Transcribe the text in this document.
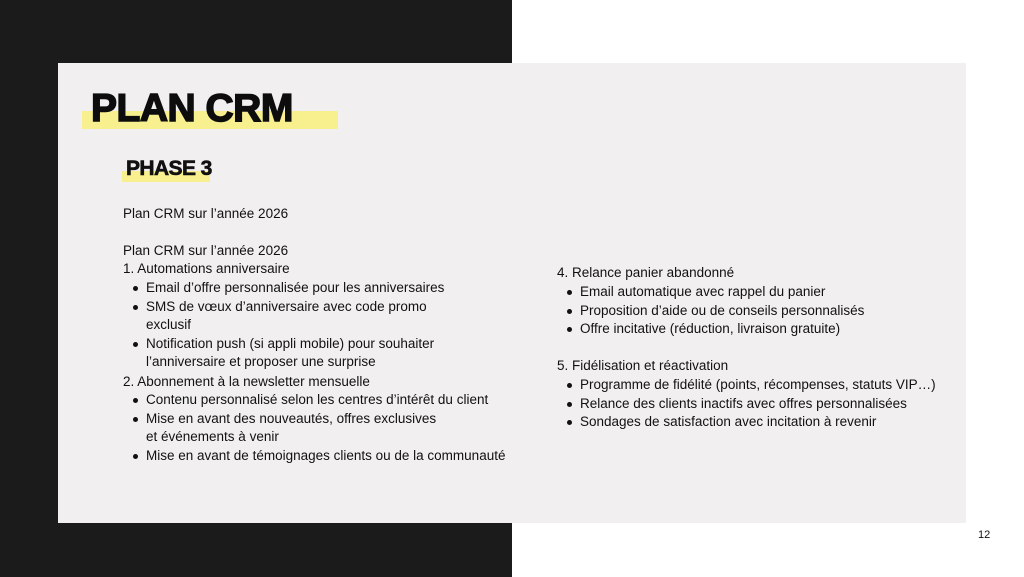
PLAN CRM
PHASE 3
Plan CRM sur l’année 2026
Plan CRM sur l’année 2026
1. Automations anniversaire
Email d’offre personnalisée pour les anniversaires
SMS de vœux d’anniversaire avec code promo exclusif
Notification push (si appli mobile) pour souhaiter l’anniversaire et proposer une surprise
2. Abonnement à la newsletter mensuelle
Contenu personnalisé selon les centres d’intérêt du client
Mise en avant des nouveautés, offres exclusives et événements à venir
Mise en avant de témoignages clients ou de la communauté
4. Relance panier abandonné
Email automatique avec rappel du panier
Proposition d’aide ou de conseils personnalisés
Offre incitative (réduction, livraison gratuite)
5. Fidélisation et réactivation
Programme de fidélité (points, récompenses, statuts VIP…)
Relance des clients inactifs avec offres personnalisées
Sondages de satisfaction avec incitation à revenir
12
